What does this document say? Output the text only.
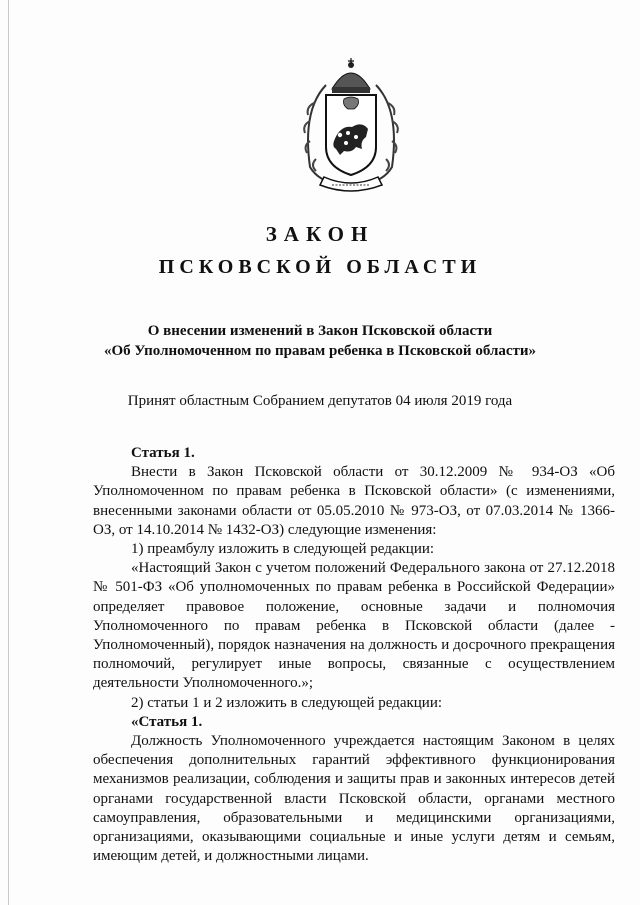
ЗАКОН
ПСКОВСКОЙ ОБЛАСТИ
О внесении изменений в Закон Псковской области
«Об Уполномоченном по правам ребенка в Псковской области»
Принят областным Собранием депутатов 04 июля 2019 года

Статья 1.

Внести в Закон Псковской области от 30.12.2009 № 934-ОЗ «Об Уполномоченном по правам ребенка в Псковской области» (с изменениями, внесенными законами области от 05.05.2010 № 973-ОЗ, от 07.03.2014 № 1366-ОЗ, от 14.10.2014 № 1432-ОЗ) следующие изменения:

1) преамбулу изложить в следующей редакции:

«Настоящий Закон с учетом положений Федерального закона от 27.12.2018 № 501-ФЗ «Об уполномоченных по правам ребенка в Российской Федерации» определяет правовое положение, основные задачи и полномочия Уполномоченного по правам ребенка в Псковской области (далее - Уполномоченный), порядок назначения на должность и досрочного прекращения полномочий, регулирует иные вопросы, связанные с осуществлением деятельности Уполномоченного.»;

2) статьи 1 и 2 изложить в следующей редакции:

«Статья 1.

Должность Уполномоченного учреждается настоящим Законом в целях обеспечения дополнительных гарантий эффективного функционирования механизмов реализации, соблюдения и защиты прав и законных интересов детей органами государственной власти Псковской области, органами местного самоуправления, образовательными и медицинскими организациями, организациями, оказывающими социальные и иные услуги детям и семьям, имеющим детей, и должностными лицами.
